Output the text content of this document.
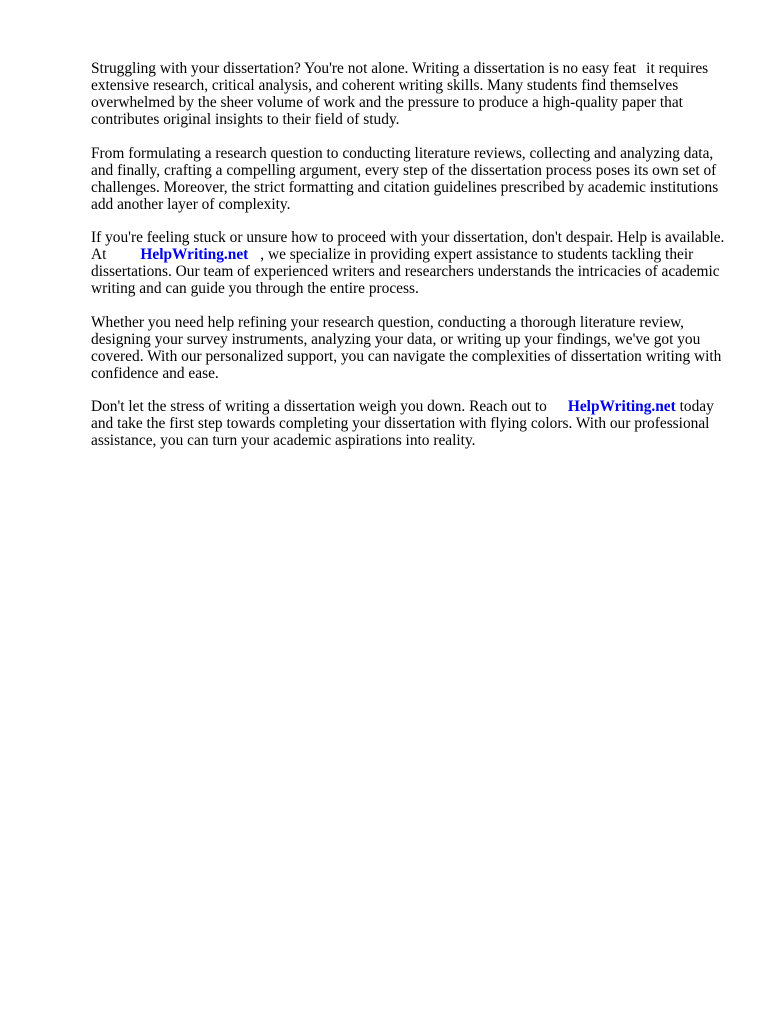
Struggling with your dissertation? You're not alone. Writing a dissertation is no easy feat it requires extensive research, critical analysis, and coherent writing skills. Many students find themselves overwhelmed by the sheer volume of work and the pressure to produce a high-quality paper that contributes original insights to their field of study.

From formulating a research question to conducting literature reviews, collecting and analyzing data, and finally, crafting a compelling argument, every step of the dissertation process poses its own set of challenges. Moreover, the strict formatting and citation guidelines prescribed by academic institutions add another layer of complexity.

If you're feeling stuck or unsure how to proceed with your dissertation, don't despair. Help is available. At HelpWriting.net , we specialize in providing expert assistance to students tackling their dissertations. Our team of experienced writers and researchers understands the intricacies of academic writing and can guide you through the entire process.

Whether you need help refining your research question, conducting a thorough literature review, designing your survey instruments, analyzing your data, or writing up your findings, we've got you covered. With our personalized support, you can navigate the complexities of dissertation writing with confidence and ease.

Don't let the stress of writing a dissertation weigh you down. Reach out to HelpWriting.net today and take the first step towards completing your dissertation with flying colors. With our professional assistance, you can turn your academic aspirations into reality.
